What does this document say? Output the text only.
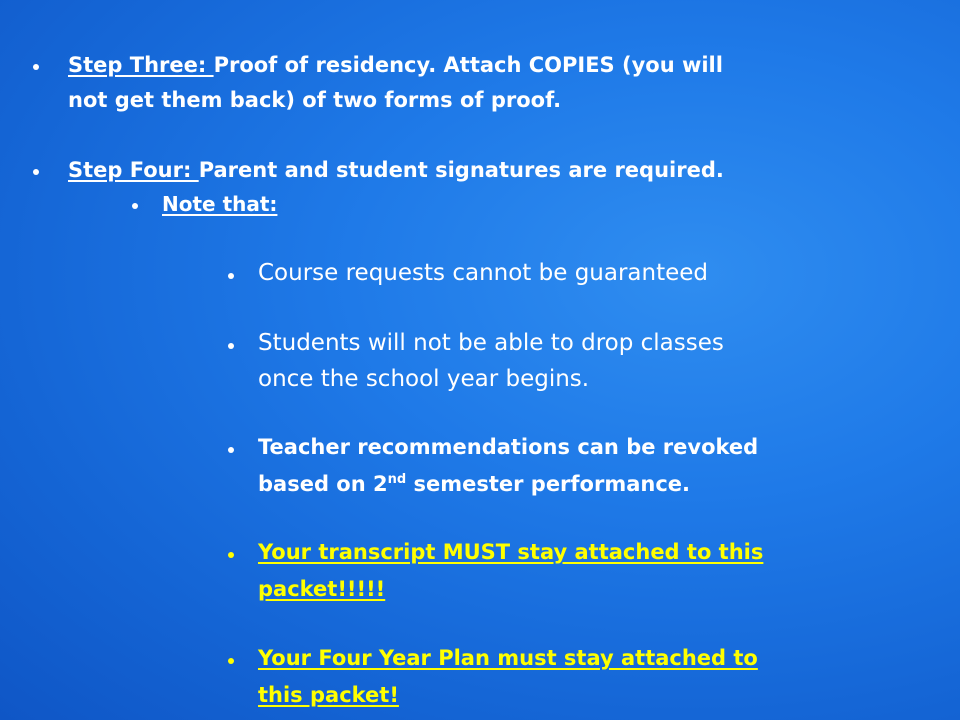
Step Three: Proof of residency. Attach COPIES (you will
not get them back) of two forms of proof.
Step Four: Parent and student signatures are required.
Note that:
Course requests cannot be guaranteed
Students will not be able to drop classes
once the school year begins.
Teacher recommendations can be revoked
based on 2nd semester performance.
Your transcript MUST stay attached to this
packet!!!!!
Your Four Year Plan must stay attached to
this packet!
